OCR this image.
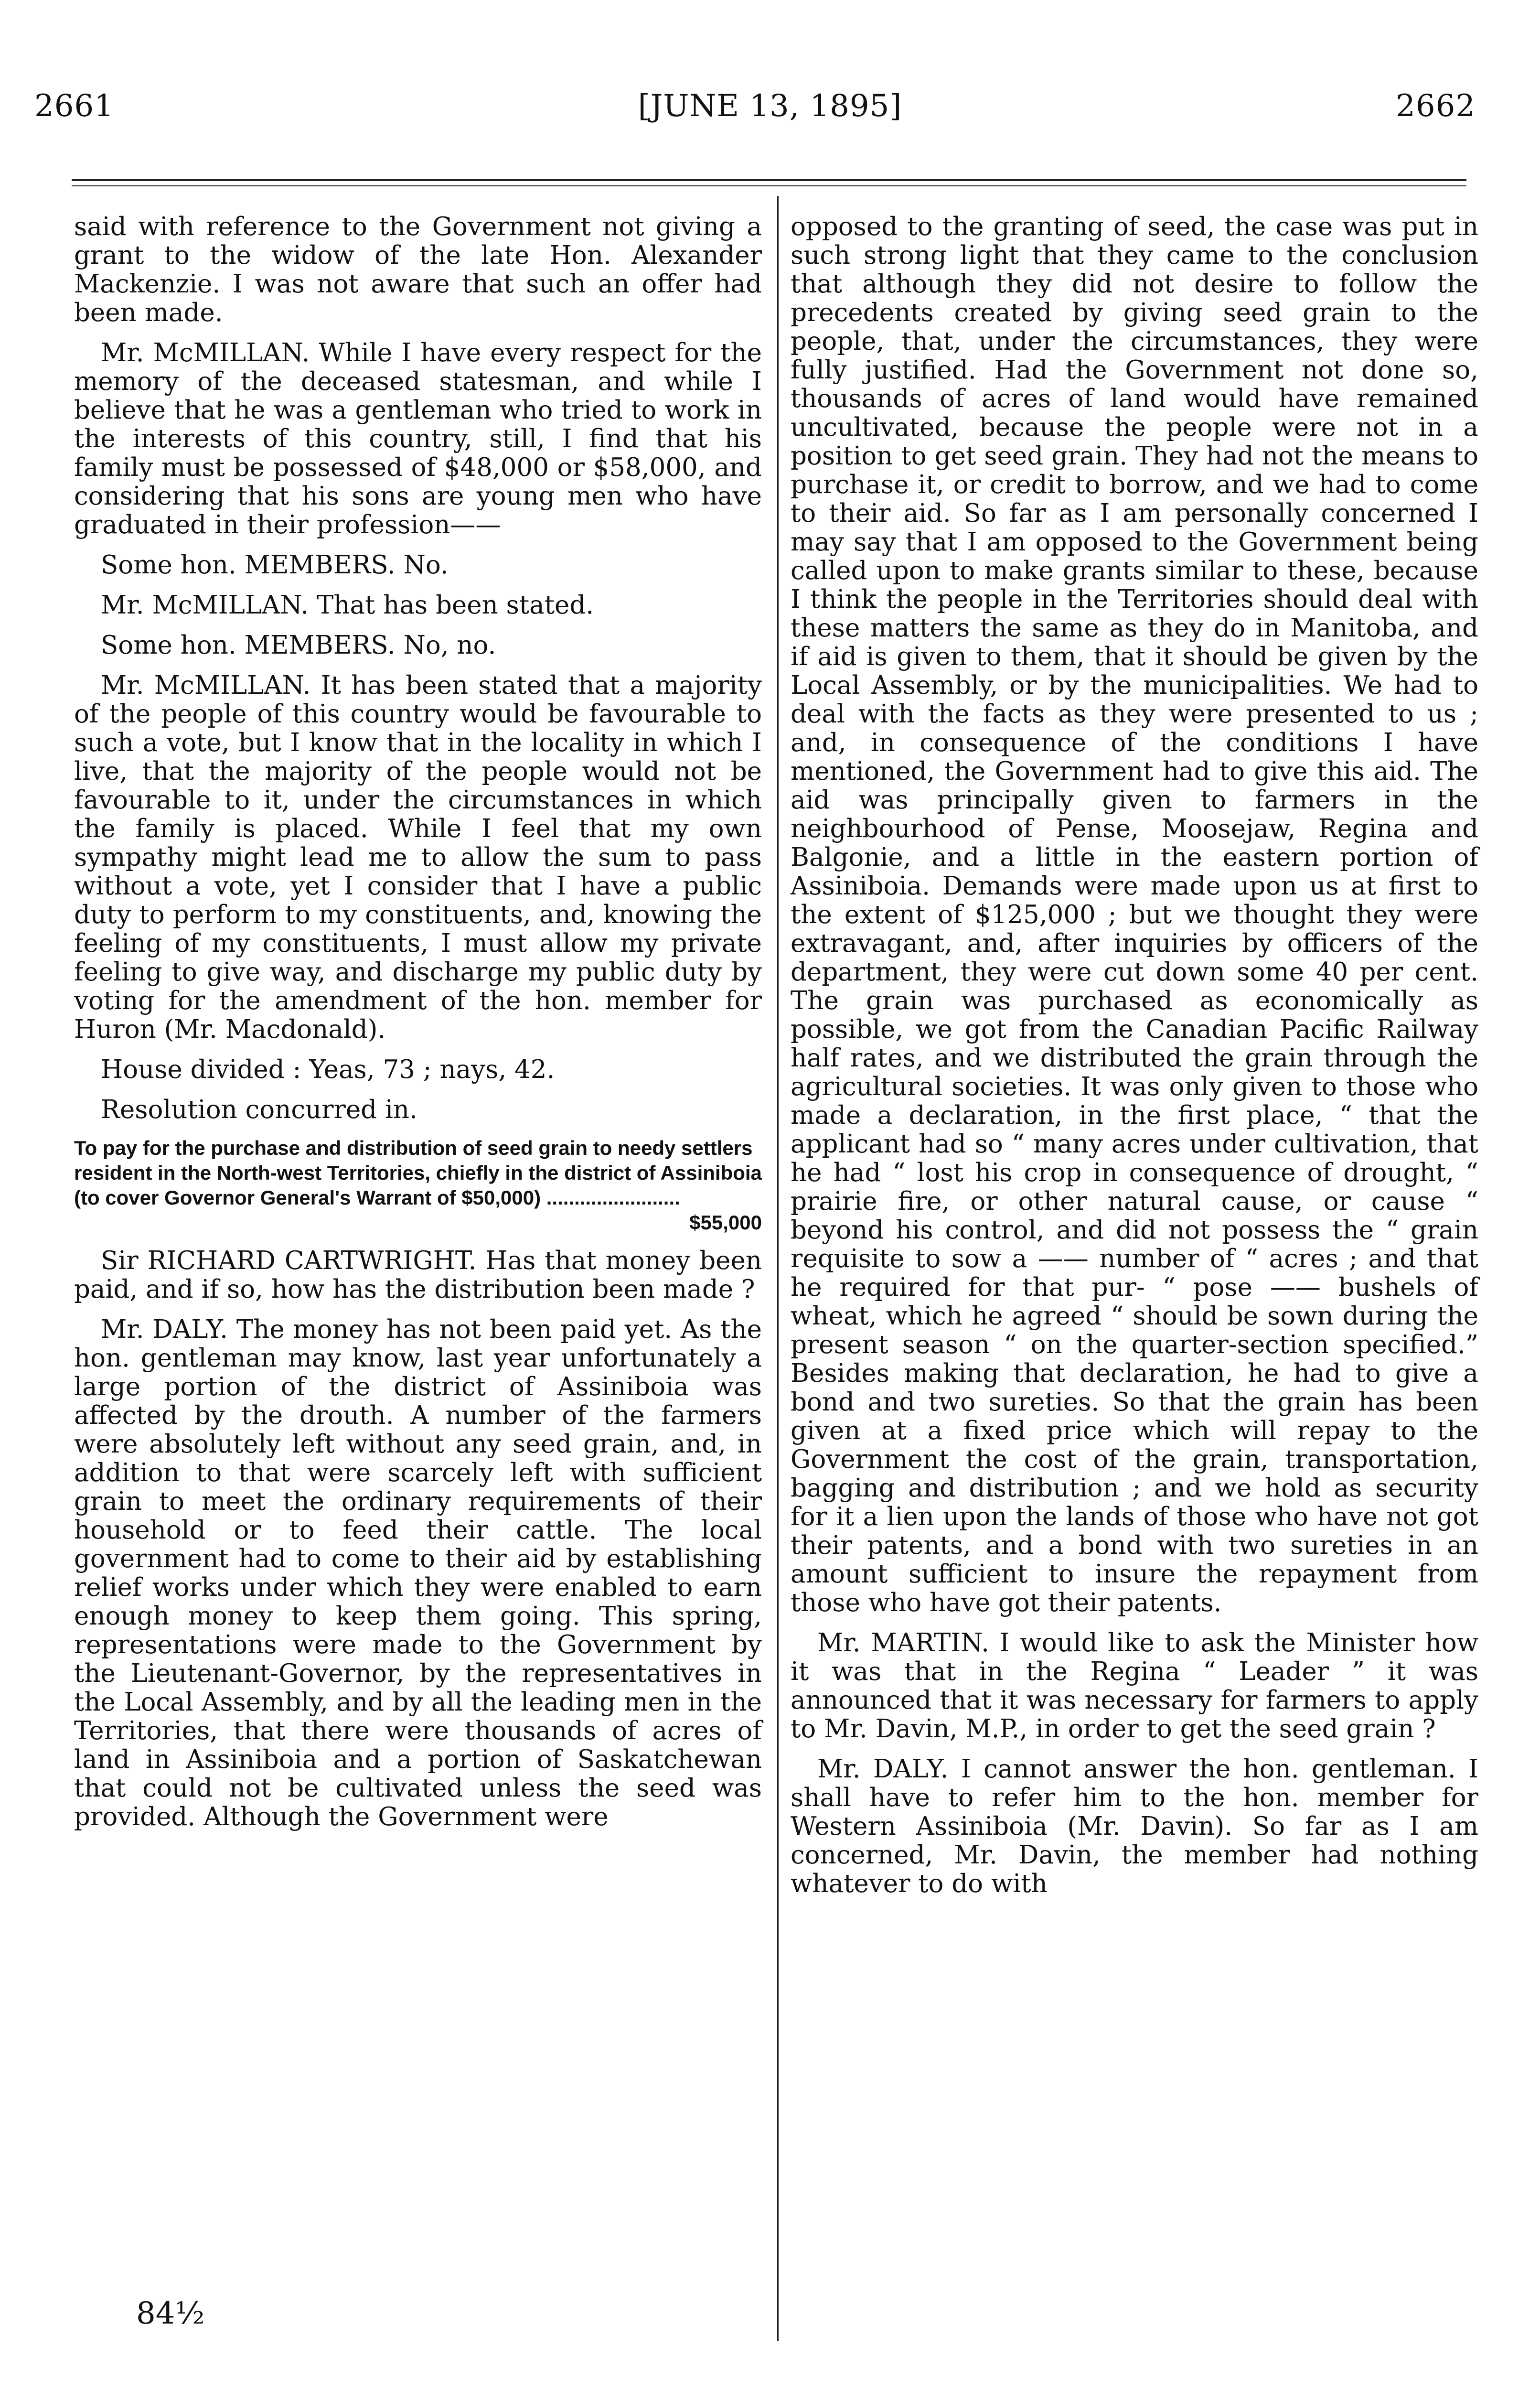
2661	[JUNE 13, 1895]	2662

said with reference to the Government not giving a grant to the widow of the late Hon. Alexander Mackenzie. I was not aware that such an offer had been made.

Mr. McMILLAN. While I have every respect for the memory of the deceased statesman, and while I believe that he was a gentleman who tried to work in the interests of this country, still, I find that his family must be possessed of $48,000 or $58,000, and considering that his sons are young men who have graduated in their profession——

Some hon. MEMBERS. No.

Mr. McMILLAN. That has been stated.

Some hon. MEMBERS. No, no.

Mr. McMILLAN. It has been stated that a majority of the people of this country would be favourable to such a vote, but I know that in the locality in which I live, that the majority of the people would not be favourable to it, under the circumstances in which the family is placed. While I feel that my own sympathy might lead me to allow the sum to pass without a vote, yet I consider that I have a public duty to perform to my constituents, and, knowing the feeling of my constituents, I must allow my private feeling to give way, and discharge my public duty by voting for the amendment of the hon. member for Huron (Mr. Macdonald).

House divided : Yeas, 73 ; nays, 42.

Resolution concurred in.

To pay for the purchase and distribution of seed grain to needy settlers resident in the North-west Territories, chiefly in the district of Assiniboia (to cover Governor General's Warrant of $50,000) ........................
$55,000

Sir RICHARD CARTWRIGHT. Has that money been paid, and if so, how has the distribution been made ?

Mr. DALY. The money has not been paid yet. As the hon. gentleman may know, last year unfortunately a large portion of the district of Assiniboia was affected by the drouth. A number of the farmers were absolutely left without any seed grain, and, in addition to that were scarcely left with sufficient grain to meet the ordinary requirements of their household or to feed their cattle. The local government had to come to their aid by establishing relief works under which they were enabled to earn enough money to keep them going. This spring, representations were made to the Government by the Lieutenant-Governor, by the representatives in the Local Assembly, and by all the leading men in the Territories, that there were thousands of acres of land in Assiniboia and a portion of Saskatchewan that could not be cultivated unless the seed was provided. Although the Government were

opposed to the granting of seed, the case was put in such strong light that they came to the conclusion that although they did not desire to follow the precedents created by giving seed grain to the people, that, under the circumstances, they were fully justified. Had the Government not done so, thousands of acres of land would have remained uncultivated, because the people were not in a position to get seed grain. They had not the means to purchase it, or credit to borrow, and we had to come to their aid. So far as I am personally concerned I may say that I am opposed to the Government being called upon to make grants similar to these, because I think the people in the Territories should deal with these matters the same as they do in Manitoba, and if aid is given to them, that it should be given by the Local Assembly, or by the municipalities. We had to deal with the facts as they were presented to us ; and, in consequence of the conditions I have mentioned, the Government had to give this aid. The aid was principally given to farmers in the neighbourhood of Pense, Moosejaw, Regina and Balgonie, and a little in the eastern portion of Assiniboia. Demands were made upon us at first to the extent of $125,000 ; but we thought they were extravagant, and, after inquiries by officers of the department, they were cut down some 40 per cent. The grain was purchased as economically as possible, we got from the Canadian Pacific Railway half rates, and we distributed the grain through the agricultural societies. It was only given to those who made a declaration, in the first place, “ that the applicant had so “ many acres under cultivation, that he had “ lost his crop in consequence of drought, “ prairie fire, or other natural cause, or cause “ beyond his control, and did not possess the “ grain requisite to sow a —— number of “ acres ; and that he required for that pur- “ pose —— bushels of wheat, which he agreed “ should be sown during the present season “ on the quarter-section specified.” Besides making that declaration, he had to give a bond and two sureties. So that the grain has been given at a fixed price which will repay to the Government the cost of the grain, transportation, bagging and distribution ; and we hold as security for it a lien upon the lands of those who have not got their patents, and a bond with two sureties in an amount sufficient to insure the repayment from those who have got their patents.

Mr. MARTIN. I would like to ask the Minister how it was that in the Regina “ Leader ” it was announced that it was necessary for farmers to apply to Mr. Davin, M.P., in order to get the seed grain ?

Mr. DALY. I cannot answer the hon. gentleman. I shall have to refer him to the hon. member for Western Assiniboia (Mr. Davin). So far as I am concerned, Mr. Davin, the member had nothing whatever to do with

84½
